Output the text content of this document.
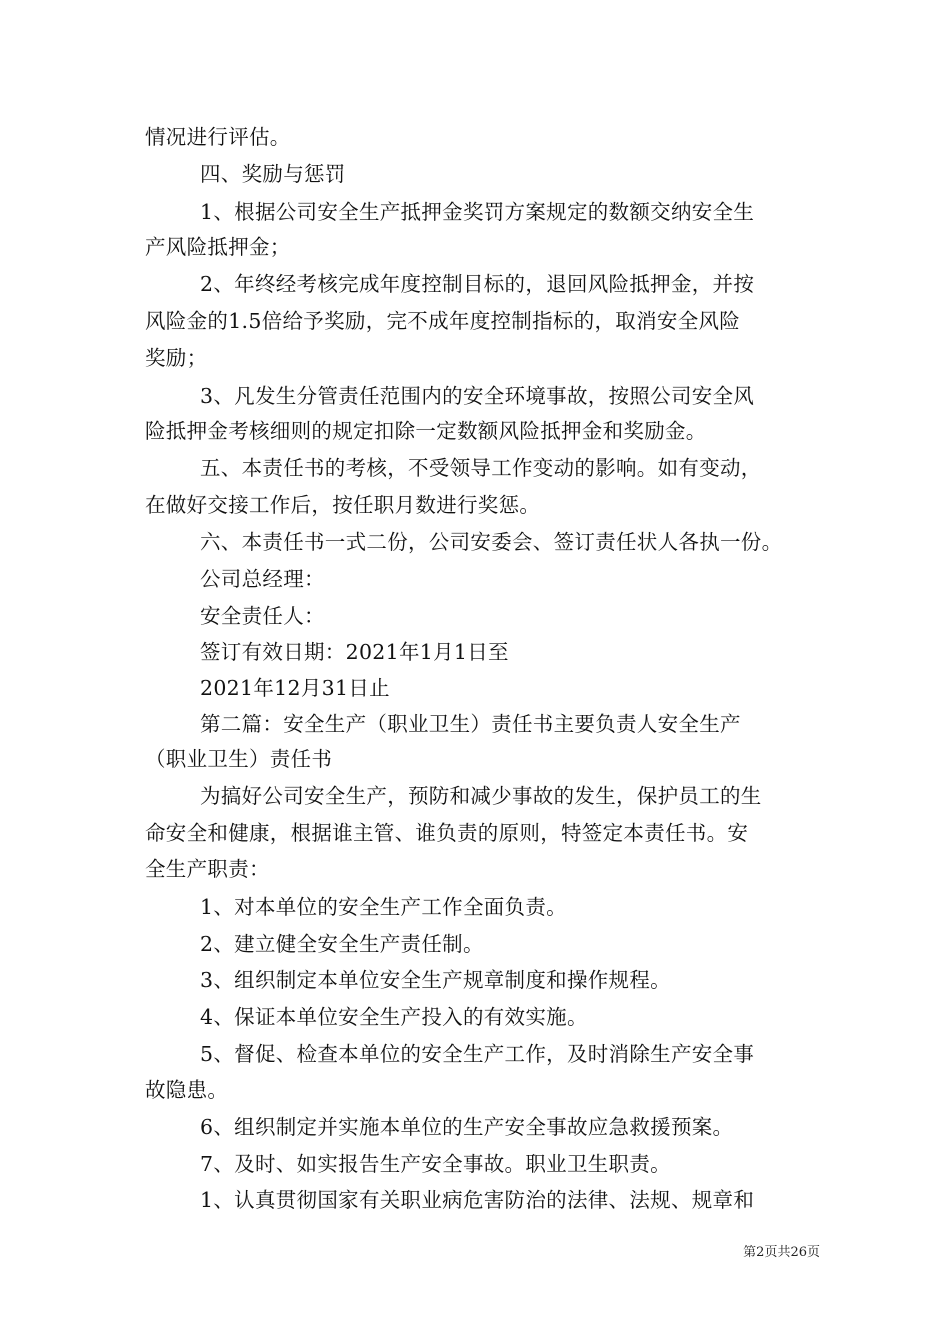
情况进行评估。
四、奖励与惩罚
1、根据公司安全生产抵押金奖罚方案规定的数额交纳安全生
产风险抵押金；
2、年终经考核完成年度控制目标的，退回风险抵押金，并按
风险金的1.5倍给予奖励，完不成年度控制指标的，取消安全风险
奖励；
3、凡发生分管责任范围内的安全环境事故，按照公司安全风
险抵押金考核细则的规定扣除一定数额风险抵押金和奖励金。
五、本责任书的考核，不受领导工作变动的影响。如有变动，
在做好交接工作后，按任职月数进行奖惩。
六、本责任书一式二份，公司安委会、签订责任状人各执一份。
公司总经理：
安全责任人：
签订有效日期：2021年1月1日至
2021年12月31日止
第二篇：安全生产（职业卫生）责任书主要负责人安全生产
（职业卫生）责任书
为搞好公司安全生产，预防和减少事故的发生，保护员工的生
命安全和健康，根据谁主管、谁负责的原则，特签定本责任书。安
全生产职责：
1、对本单位的安全生产工作全面负责。
2、建立健全安全生产责任制。
3、组织制定本单位安全生产规章制度和操作规程。
4、保证本单位安全生产投入的有效实施。
5、督促、检查本单位的安全生产工作，及时消除生产安全事
故隐患。
6、组织制定并实施本单位的生产安全事故应急救援预案。
7、及时、如实报告生产安全事故。职业卫生职责。
1、认真贯彻国家有关职业病危害防治的法律、法规、规章和
第2页共26页
